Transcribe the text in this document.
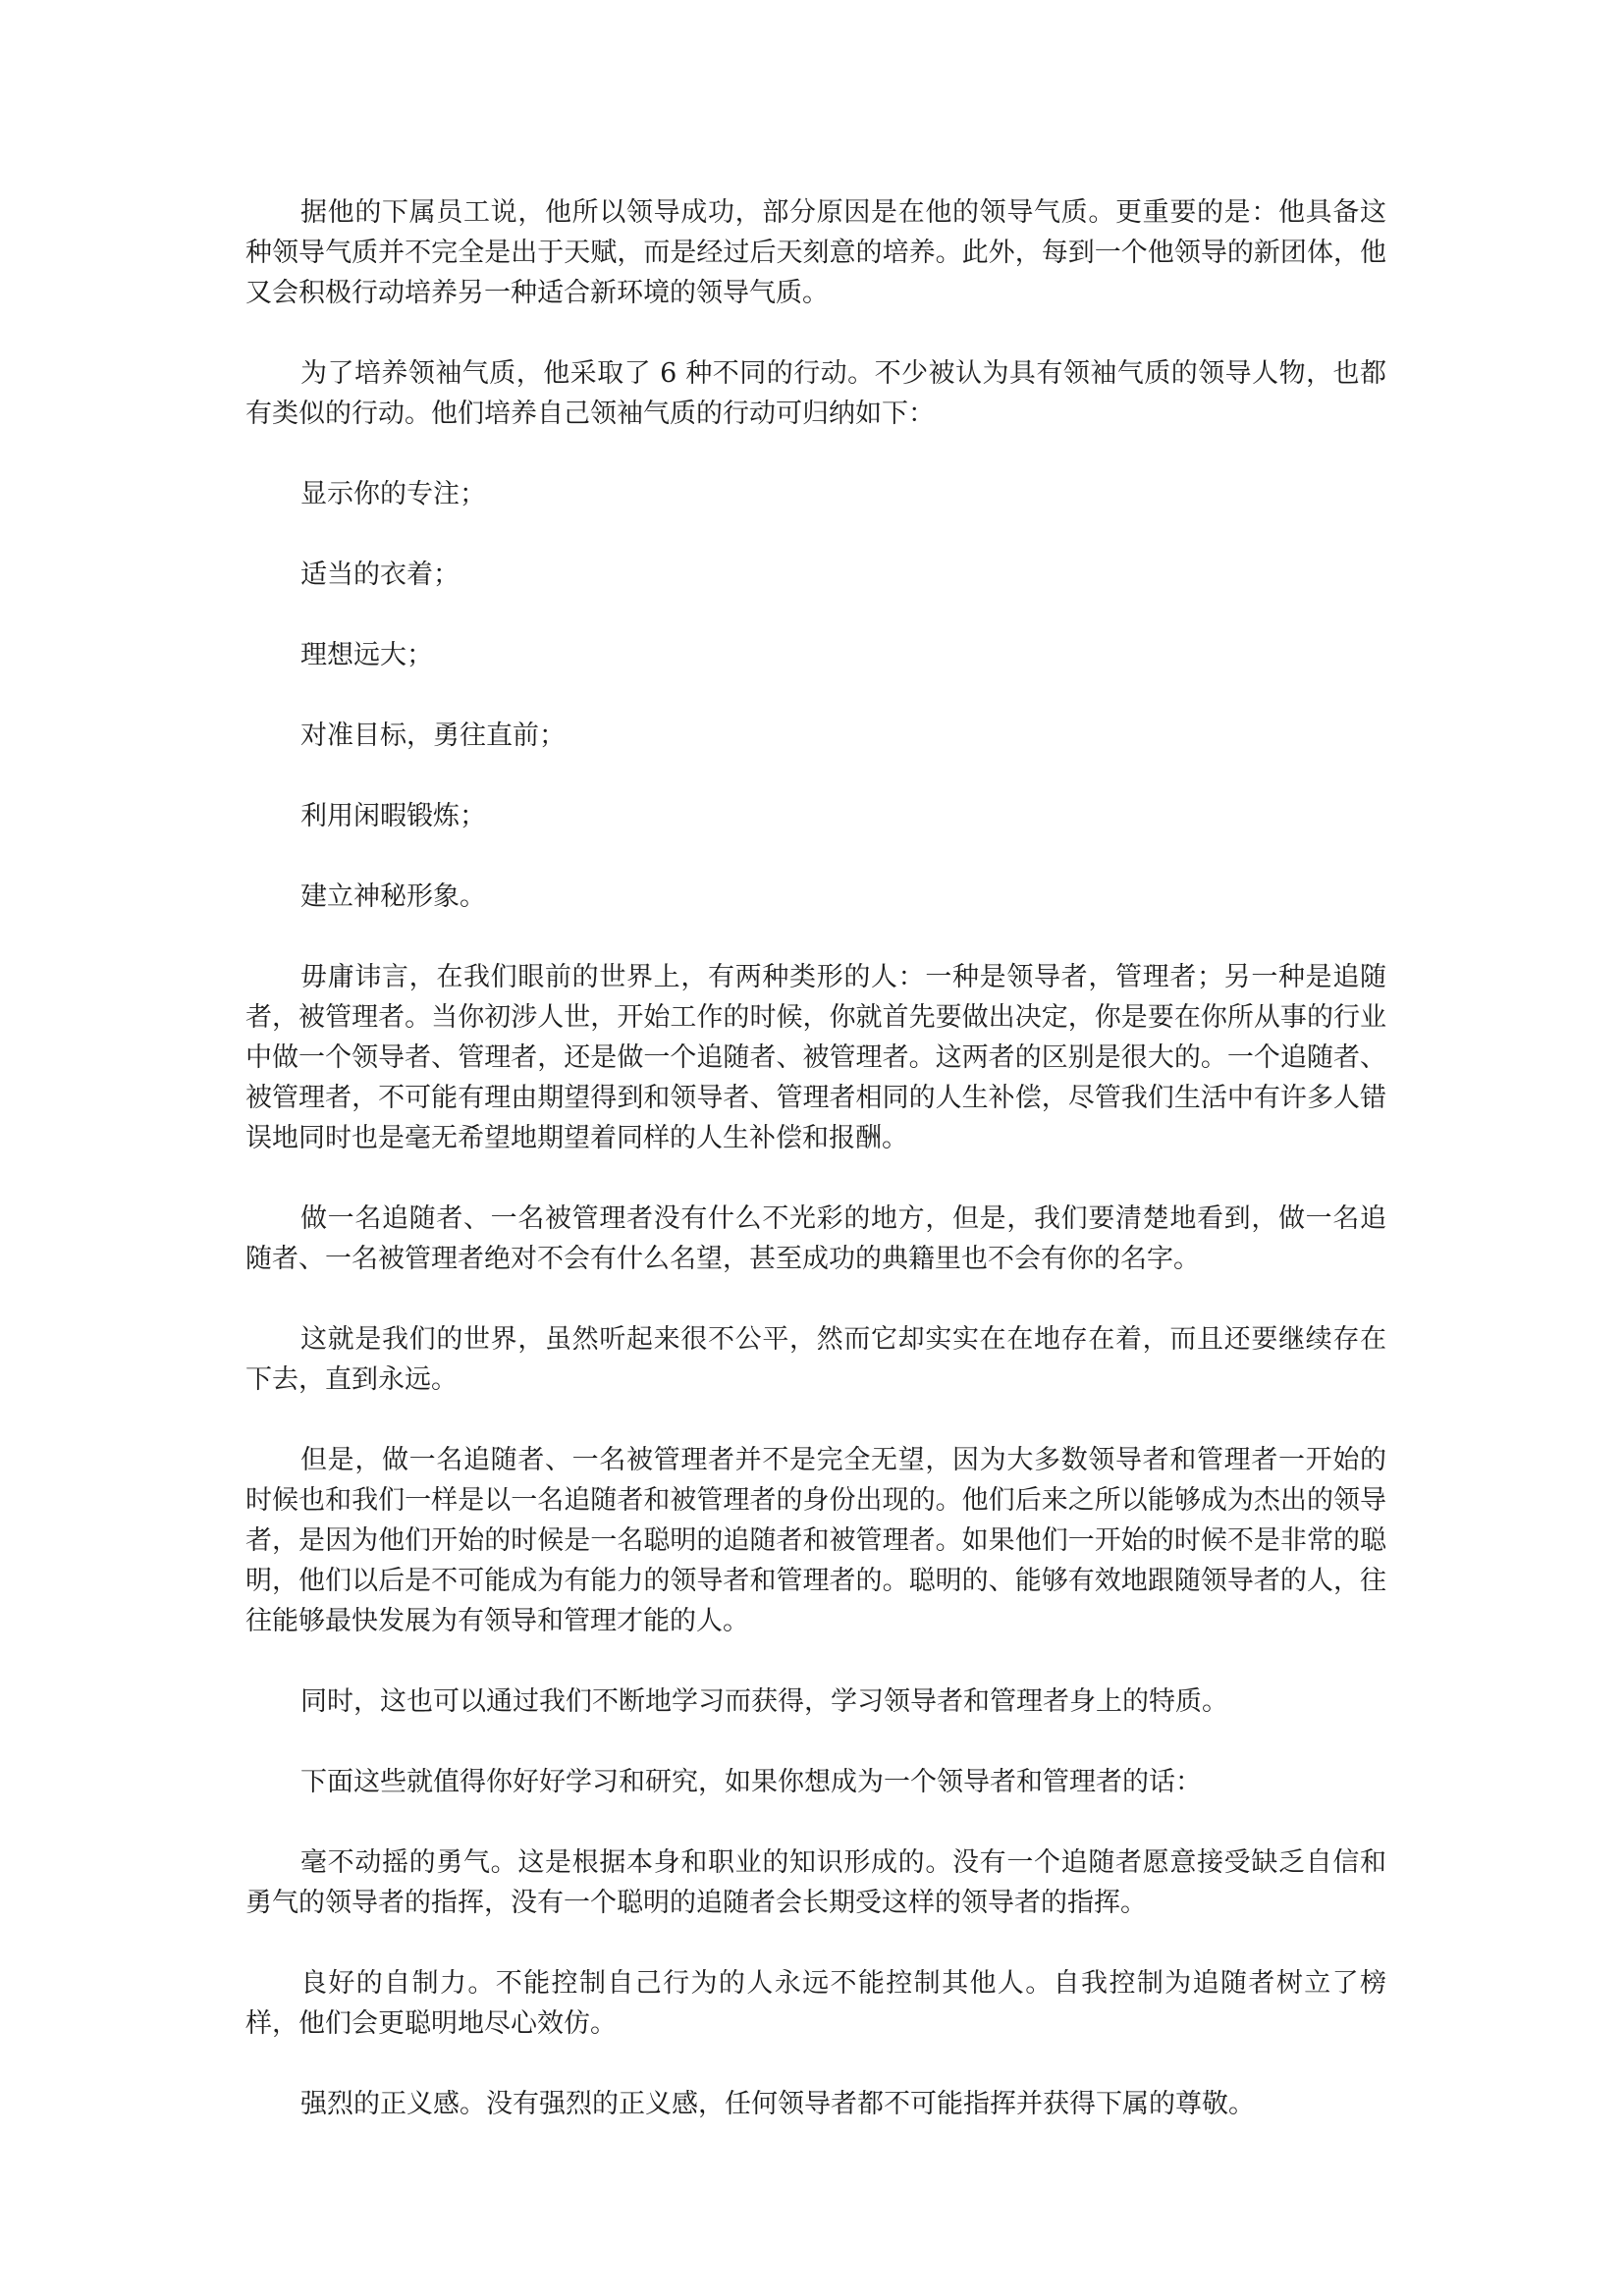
据他的下属员工说，他所以领导成功，部分原因是在他的领导气质。更重要的是：他具备这种领导气质并不完全是出于天赋，而是经过后天刻意的培养。此外，每到一个他领导的新团体，他又会积极行动培养另一种适合新环境的领导气质。

为了培养领袖气质，他采取了 6 种不同的行动。不少被认为具有领袖气质的领导人物，也都有类似的行动。他们培养自己领袖气质的行动可归纳如下：

显示你的专注；

适当的衣着；

理想远大；

对准目标，勇往直前；

利用闲暇锻炼；

建立神秘形象。

毋庸讳言，在我们眼前的世界上，有两种类形的人：一种是领导者，管理者；另一种是追随者，被管理者。当你初涉人世，开始工作的时候，你就首先要做出决定，你是要在你所从事的行业中做一个领导者、管理者，还是做一个追随者、被管理者。这两者的区别是很大的。一个追随者、被管理者，不可能有理由期望得到和领导者、管理者相同的人生补偿，尽管我们生活中有许多人错误地同时也是毫无希望地期望着同样的人生补偿和报酬。

做一名追随者、一名被管理者没有什么不光彩的地方，但是，我们要清楚地看到，做一名追随者、一名被管理者绝对不会有什么名望，甚至成功的典籍里也不会有你的名字。

这就是我们的世界，虽然听起来很不公平，然而它却实实在在地存在着，而且还要继续存在下去，直到永远。

但是，做一名追随者、一名被管理者并不是完全无望，因为大多数领导者和管理者一开始的时候也和我们一样是以一名追随者和被管理者的身份出现的。他们后来之所以能够成为杰出的领导者，是因为他们开始的时候是一名聪明的追随者和被管理者。如果他们一开始的时候不是非常的聪明，他们以后是不可能成为有能力的领导者和管理者的。聪明的、能够有效地跟随领导者的人，往往能够最快发展为有领导和管理才能的人。

同时，这也可以通过我们不断地学习而获得，学习领导者和管理者身上的特质。

下面这些就值得你好好学习和研究，如果你想成为一个领导者和管理者的话：

毫不动摇的勇气。这是根据本身和职业的知识形成的。没有一个追随者愿意接受缺乏自信和勇气的领导者的指挥，没有一个聪明的追随者会长期受这样的领导者的指挥。

良好的自制力。不能控制自己行为的人永远不能控制其他人。自我控制为追随者树立了榜样，他们会更聪明地尽心效仿。

强烈的正义感。没有强烈的正义感，任何领导者都不可能指挥并获得下属的尊敬。
